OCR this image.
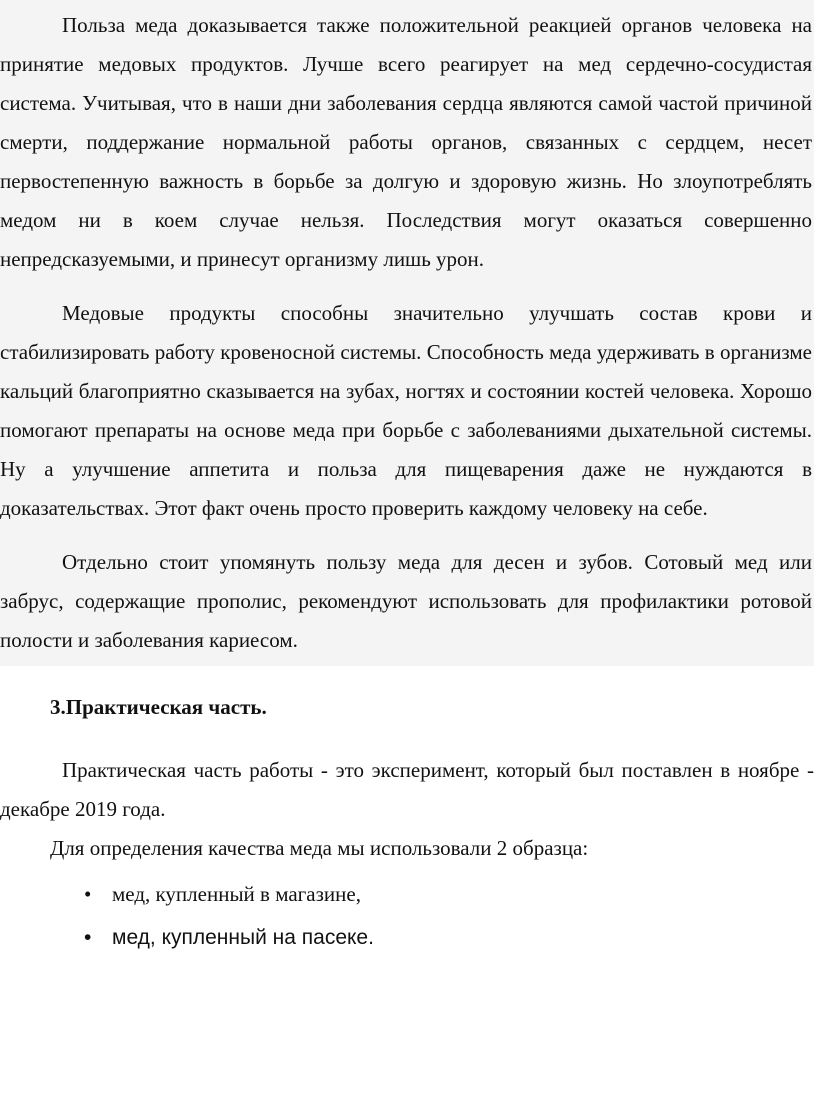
Польза меда доказывается также положительной реакцией органов человека на принятие медовых продуктов. Лучше всего реагирует на мед сердечно-сосудистая система. Учитывая, что в наши дни заболевания сердца являются самой частой причиной смерти, поддержание нормальной работы органов, связанных с сердцем, несет первостепенную важность в борьбе за долгую и здоровую жизнь. Но злоупотреблять медом ни в коем случае нельзя. Последствия могут оказаться совершенно непредсказуемыми, и принесут организму лишь урон.

Медовые продукты способны значительно улучшать состав крови и стабилизировать работу кровеносной системы. Способность меда удерживать в организме кальций благоприятно сказывается на зубах, ногтях и состоянии костей человека. Хорошо помогают препараты на основе меда при борьбе с заболеваниями дыхательной системы. Ну а улучшение аппетита и польза для пищеварения даже не нуждаются в доказательствах. Этот факт очень просто проверить каждому человеку на себе.

Отдельно стоит упомянуть пользу меда для десен и зубов. Сотовый мед или забрус, содержащие прополис, рекомендуют использовать для профилактики ротовой полости и заболевания кариесом.

3.Практическая часть.

Практическая часть работы - это эксперимент, который был поставлен в ноябре - декабре 2019 года.

Для определения качества меда мы использовали 2 образца:

• мед, купленный в магазине,
• мед, купленный на пасеке.
